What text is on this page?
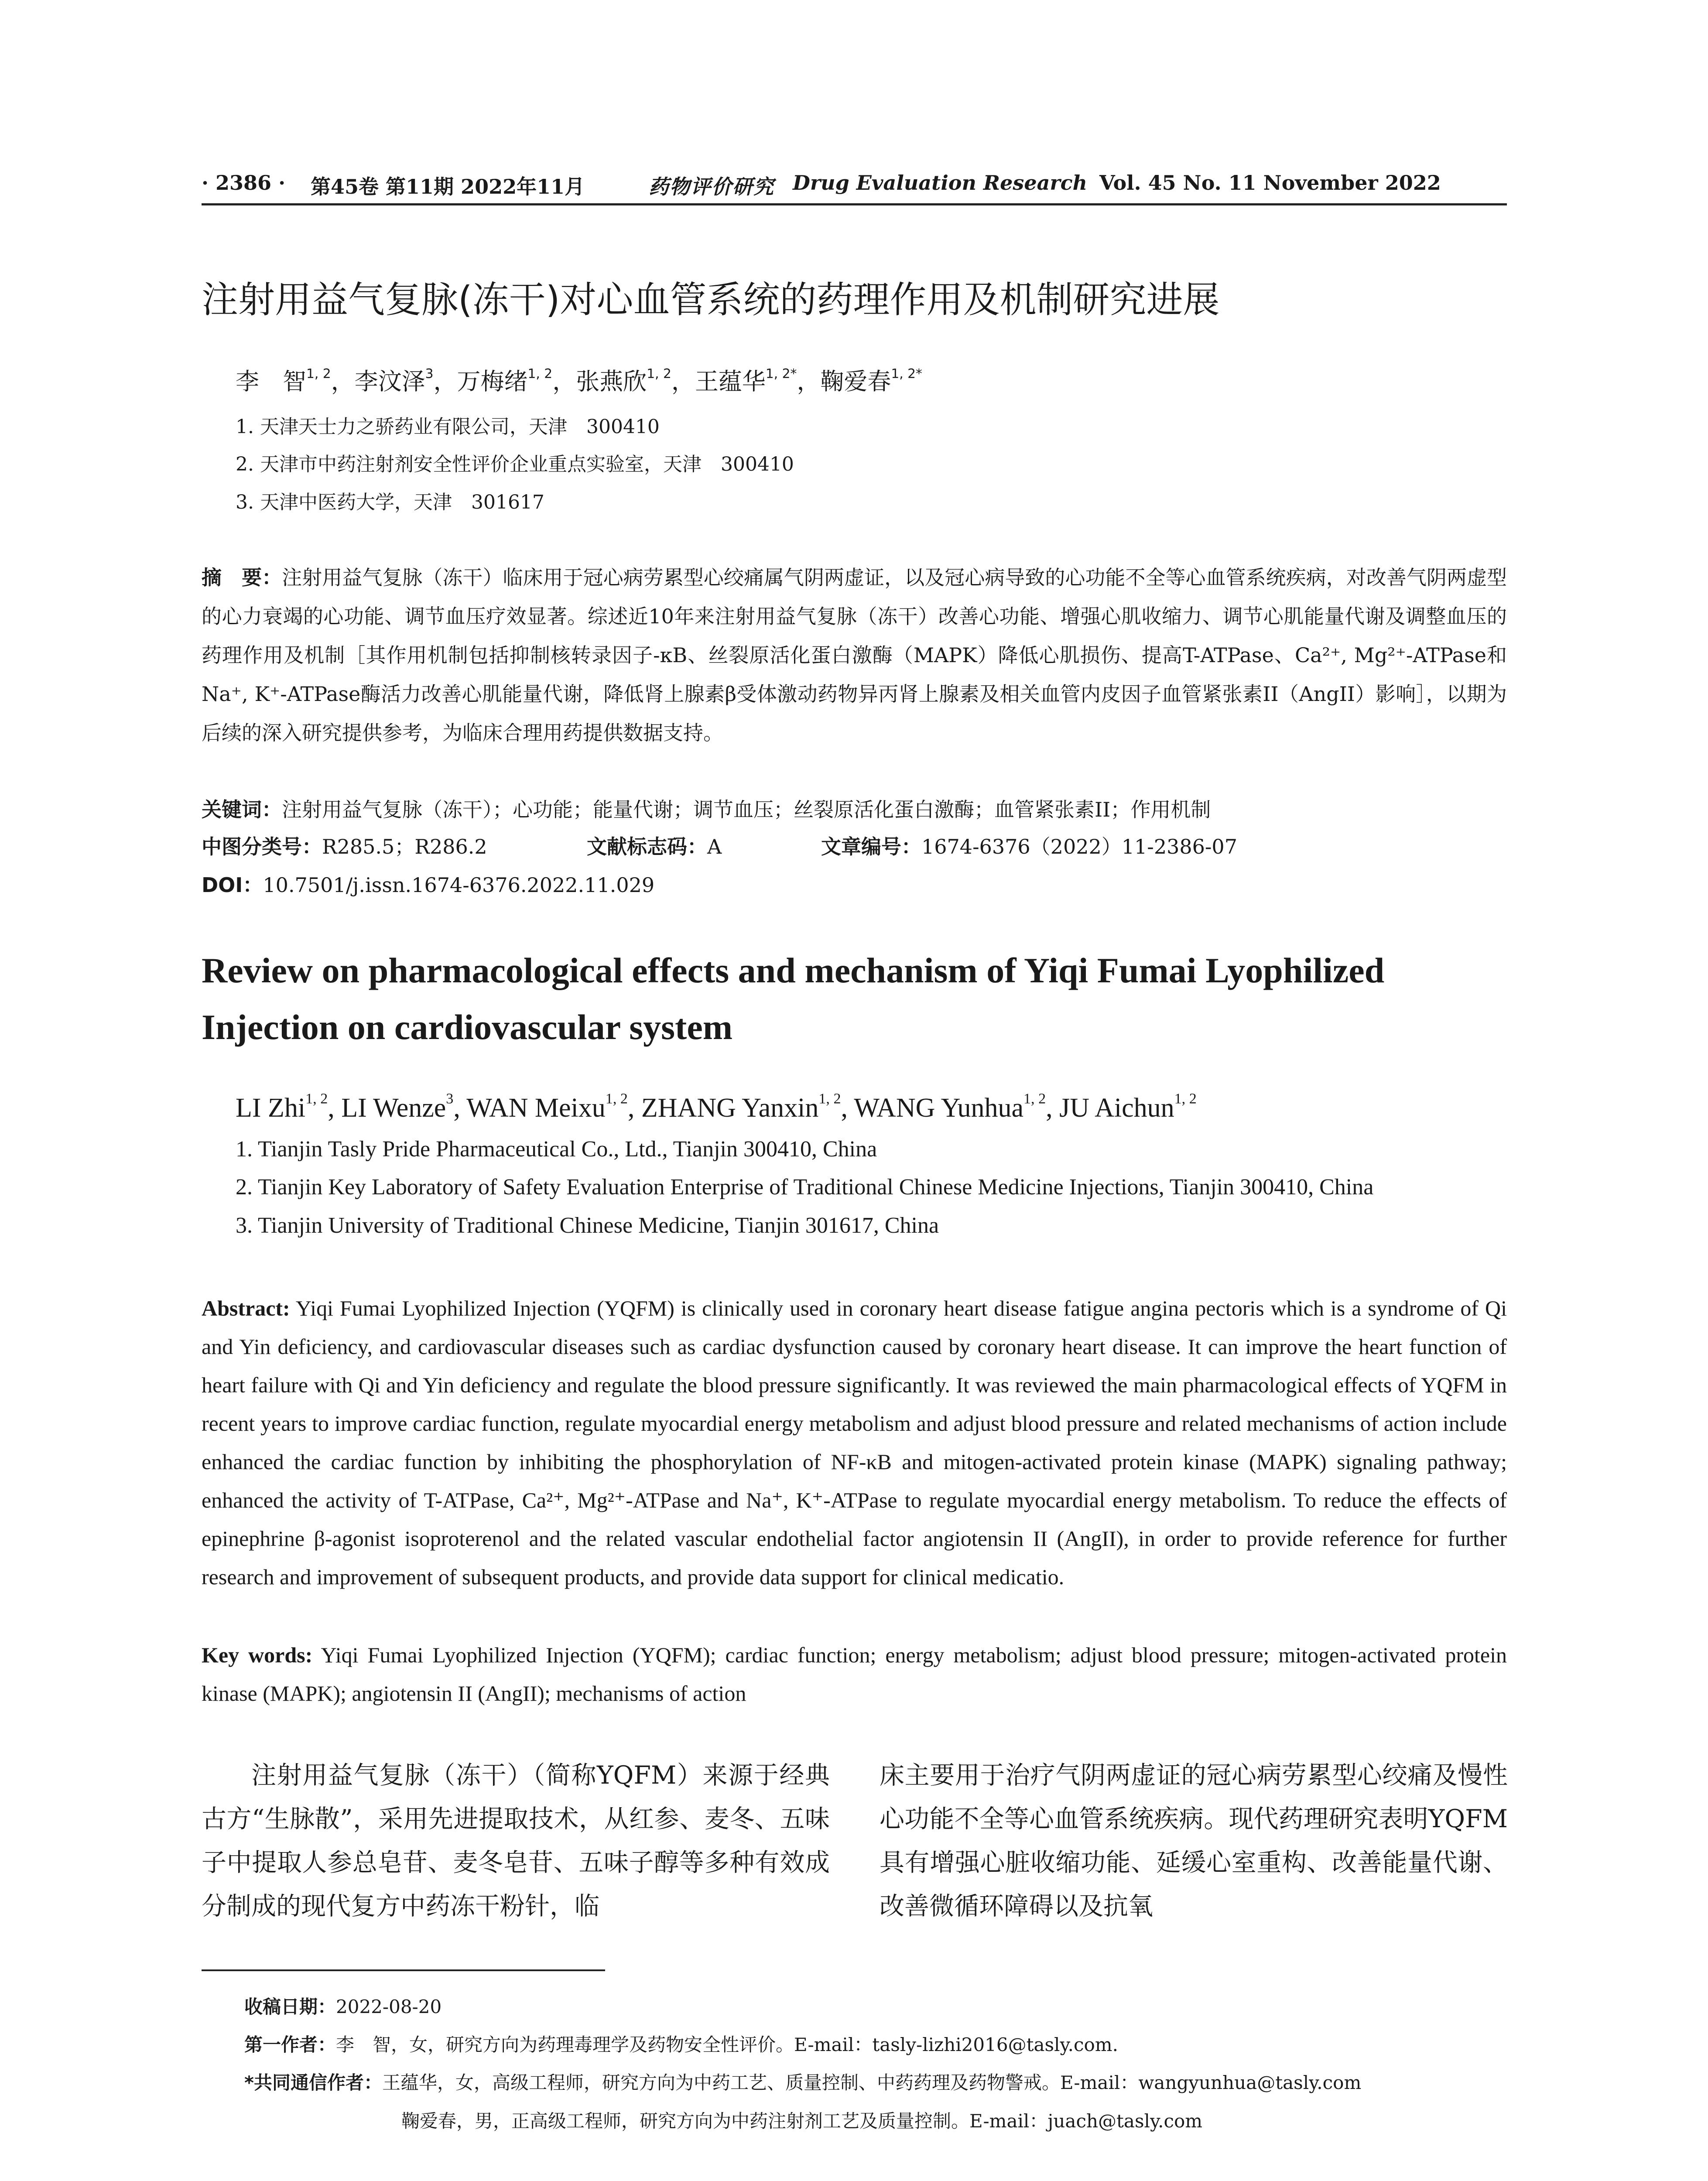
· 2386 · 第45卷 第11期 2022年11月	药物评价研究 Drug Evaluation Research Vol. 45 No. 11 November 2022
注射用益气复脉(冻干)对心血管系统的药理作用及机制研究进展
李　智$^{1, 2}$，李汶泽$^3$，万梅绪$^{1, 2}$，张燕欣$^{1, 2}$，王蕴华$^{1, 2*}$，鞠爱春$^{1, 2*}$
1. 天津天士力之骄药业有限公司，天津　300410
2. 天津市中药注射剂安全性评价企业重点实验室，天津　300410
3. 天津中医药大学，天津　301617
摘　要：注射用益气复脉（冻干）临床用于冠心病劳累型心绞痛属气阴两虚证，以及冠心病导致的心功能不全等心血管系统疾病，对改善气阴两虚型的心力衰竭的心功能、调节血压疗效显著。综述近10年来注射用益气复脉（冻干）改善心功能、增强心肌收缩力、调节心肌能量代谢及调整血压的药理作用及机制［其作用机制包括抑制核转录因子-κB、丝裂原活化蛋白激酶（MAPK）降低心肌损伤、提高T-ATPase、Ca²⁺, Mg²⁺-ATPase和Na⁺, K⁺-ATPase酶活力改善心肌能量代谢，降低肾上腺素β受体激动药物异丙肾上腺素及相关血管内皮因子血管紧张素II（AngII）影响］，以期为后续的深入研究提供参考，为临床合理用药提供数据支持。
关键词：注射用益气复脉（冻干）；心功能；能量代谢；调节血压；丝裂原活化蛋白激酶；血管紧张素II；作用机制
中图分类号：R285.5；R286.2	文献标志码：A	文章编号：1674-6376（2022）11-2386-07
DOI：10.7501/j.issn.1674-6376.2022.11.029
Review on pharmacological effects and mechanism of Yiqi Fumai Lyophilized Injection on cardiovascular system
LI Zhi$^{1, 2}$, LI Wenze$^3$, WAN Meixu$^{1, 2}$, ZHANG Yanxin$^{1, 2}$, WANG Yunhua$^{1, 2}$, JU Aichun$^{1, 2}$
1. Tianjin Tasly Pride Pharmaceutical Co., Ltd., Tianjin 300410, China
2. Tianjin Key Laboratory of Safety Evaluation Enterprise of Traditional Chinese Medicine Injections, Tianjin 300410, China
3. Tianjin University of Traditional Chinese Medicine, Tianjin 301617, China
Abstract: Yiqi Fumai Lyophilized Injection (YQFM) is clinically used in coronary heart disease fatigue angina pectoris which is a syndrome of Qi and Yin deficiency, and cardiovascular diseases such as cardiac dysfunction caused by coronary heart disease. It can improve the heart function of heart failure with Qi and Yin deficiency and regulate the blood pressure significantly. It was reviewed the main pharmacological effects of YQFM in recent years to improve cardiac function, regulate myocardial energy metabolism and adjust blood pressure and related mechanisms of action include enhanced the cardiac function by inhibiting the phosphorylation of NF-κB and mitogen-activated protein kinase (MAPK) signaling pathway; enhanced the activity of T-ATPase, Ca²⁺, Mg²⁺-ATPase and Na⁺, K⁺-ATPase to regulate myocardial energy metabolism. To reduce the effects of epinephrine β-agonist isoproterenol and the related vascular endothelial factor angiotensin II (AngII), in order to provide reference for further research and improvement of subsequent products, and provide data support for clinical medicatio.
Key words: Yiqi Fumai Lyophilized Injection (YQFM); cardiac function; energy metabolism; adjust blood pressure; mitogen-activated protein kinase (MAPK); angiotensin II (AngII); mechanisms of action
注射用益气复脉（冻干）（简称YQFM）来源于经典古方“生脉散”，采用先进提取技术，从红参、麦冬、五味子中提取人参总皂苷、麦冬皂苷、五味子醇等多种有效成分制成的现代复方中药冻干粉针，临
床主要用于治疗气阴两虚证的冠心病劳累型心绞痛及慢性心功能不全等心血管系统疾病。现代药理研究表明YQFM具有增强心脏收缩功能、延缓心室重构、改善能量代谢、改善微循环障碍以及抗氧
收稿日期：2022-08-20
第一作者：李　智，女，研究方向为药理毒理学及药物安全性评价。E-mail：tasly-lizhi2016@tasly.com.
*共同通信作者：王蕴华，女，高级工程师，研究方向为中药工艺、质量控制、中药药理及药物警戒。E-mail：wangyunhua@tasly.com
鞠爱春，男，正高级工程师，研究方向为中药注射剂工艺及质量控制。E-mail：juach@tasly.com
